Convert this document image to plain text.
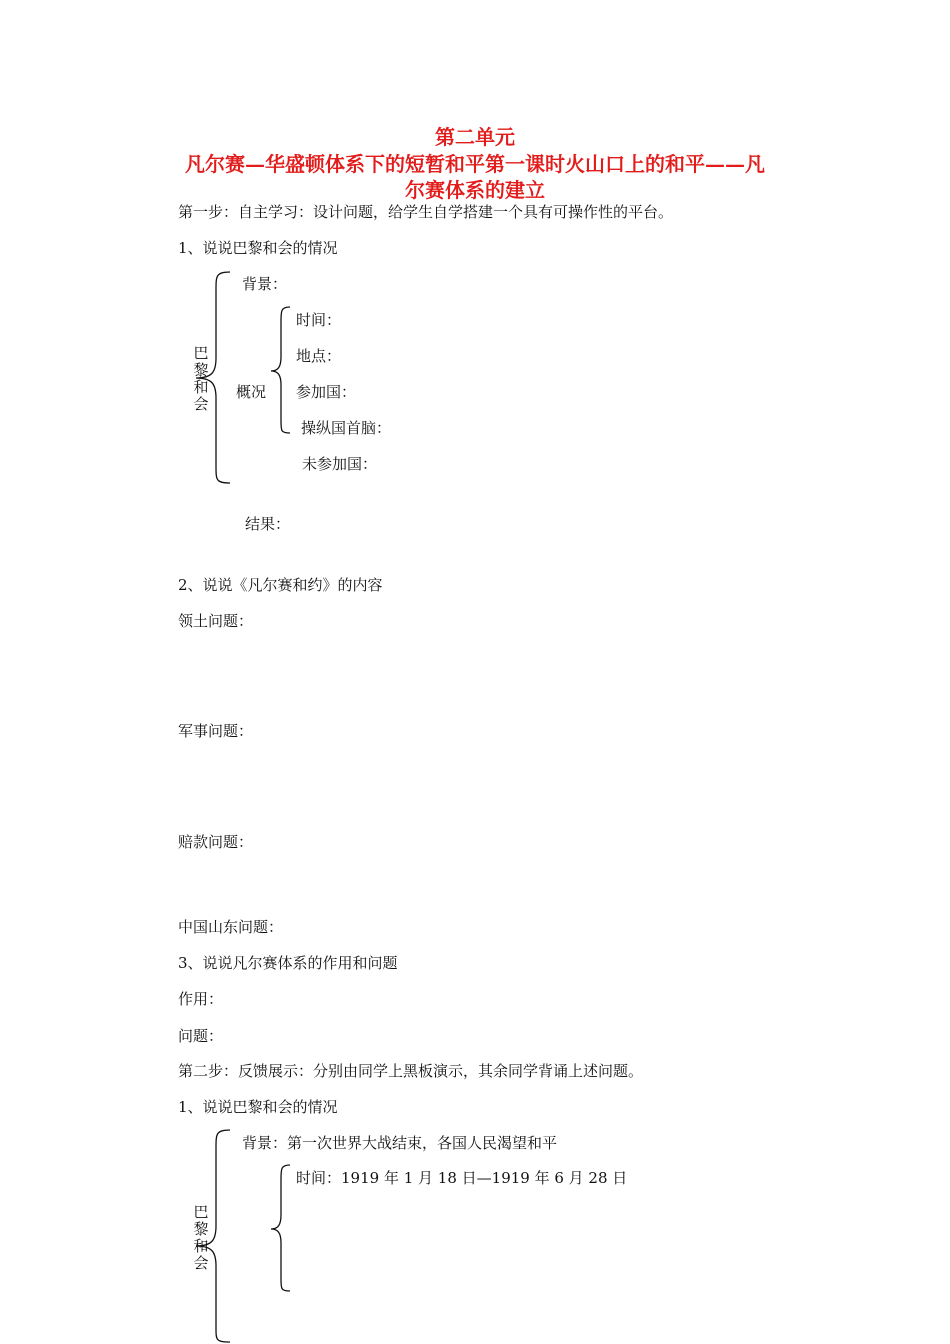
第二单元
凡尔赛—华盛顿体系下的短暂和平第一课时火山口上的和平——凡
尔赛体系的建立
第一步：自主学习：设计问题，给学生自学搭建一个具有可操作性的平台。
1、说说巴黎和会的情况
巴黎和会
背景：
概况
时间：
地点：
参加国：
操纵国首脑：
未参加国：
结果：
2、说说《凡尔赛和约》的内容
领土问题：
军事问题：
赔款问题：
中国山东问题：
3、说说凡尔赛体系的作用和问题
作用：
问题：
第二步：反馈展示：分别由同学上黑板演示，其余同学背诵上述问题。
1、说说巴黎和会的情况
巴黎和会
背景：第一次世界大战结束，各国人民渴望和平
时间：1919 年 1 月 18 日—1919 年 6 月 28 日
